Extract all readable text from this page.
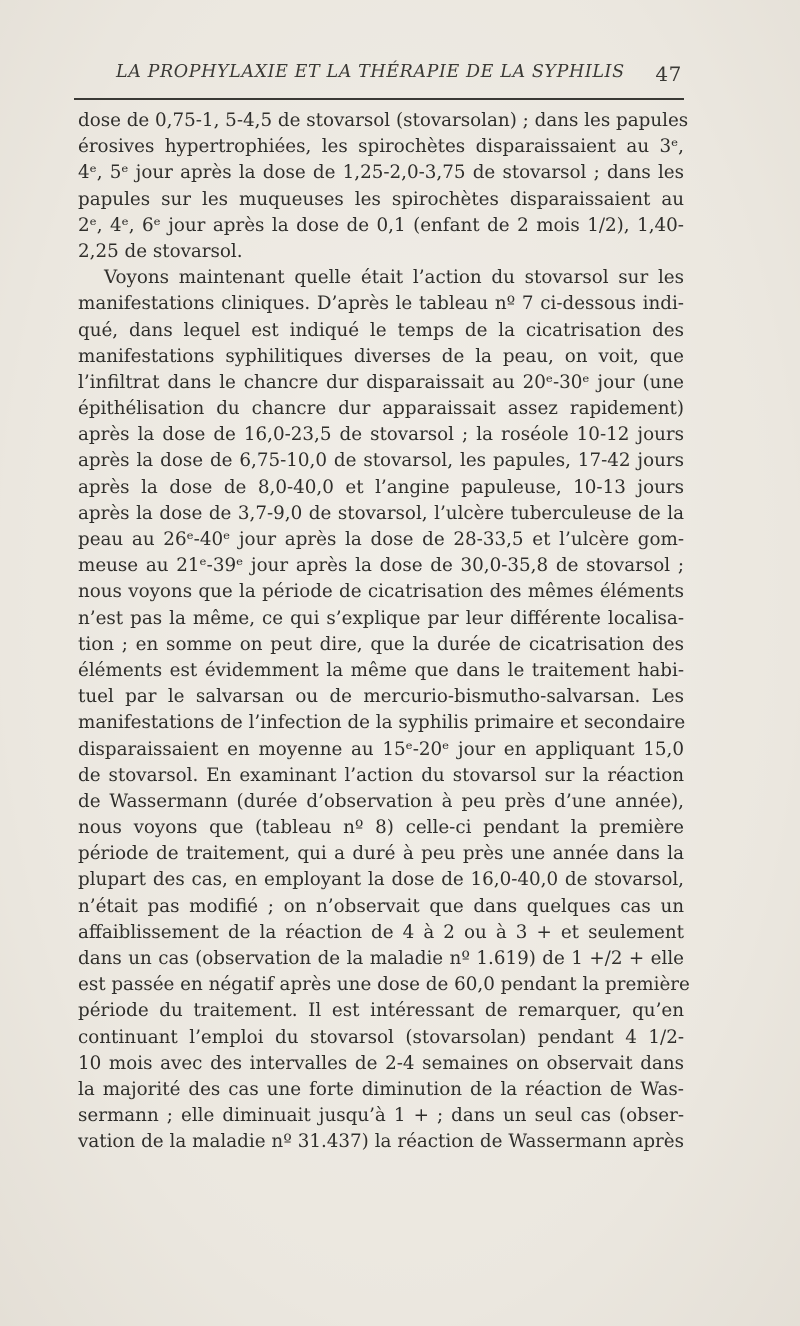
LA PROPHYLAXIE ET LA THÉRAPIE DE LA SYPHILIS 47
dose de 0,75-1, 5-4,5 de stovarsol (stovarsolan) ; dans les papules
érosives hypertrophiées, les spirochètes disparaissaient au 3ᵉ,
4ᵉ, 5ᵉ jour après la dose de 1,25-2,0-3,75 de stovarsol ; dans les
papules sur les muqueuses les spirochètes disparaissaient au
2ᵉ, 4ᵉ, 6ᵉ jour après la dose de 0,1 (enfant de 2 mois 1/2), 1,40-
2,25 de stovarsol.
Voyons maintenant quelle était l’action du stovarsol sur les
manifestations cliniques. D’après le tableau nº 7 ci-dessous indi-
qué, dans lequel est indiqué le temps de la cicatrisation des
manifestations syphilitiques diverses de la peau, on voit, que
l’infiltrat dans le chancre dur disparaissait au 20ᵉ-30ᵉ jour (une
épithélisation du chancre dur apparaissait assez rapidement)
après la dose de 16,0-23,5 de stovarsol ; la roséole 10-12 jours
après la dose de 6,75-10,0 de stovarsol, les papules, 17-42 jours
après la dose de 8,0-40,0 et l’angine papuleuse, 10-13 jours
après la dose de 3,7-9,0 de stovarsol, l’ulcère tuberculeuse de la
peau au 26ᵉ-40ᵉ jour après la dose de 28-33,5 et l’ulcère gom-
meuse au 21ᵉ-39ᵉ jour après la dose de 30,0-35,8 de stovarsol ;
nous voyons que la période de cicatrisation des mêmes éléments
n’est pas la même, ce qui s’explique par leur différente localisa-
tion ; en somme on peut dire, que la durée de cicatrisation des
éléments est évidemment la même que dans le traitement habi-
tuel par le salvarsan ou de mercurio-bismutho-salvarsan. Les
manifestations de l’infection de la syphilis primaire et secondaire
disparaissaient en moyenne au 15ᵉ-20ᵉ jour en appliquant 15,0
de stovarsol. En examinant l’action du stovarsol sur la réaction
de Wassermann (durée d’observation à peu près d’une année),
nous voyons que (tableau nº 8) celle-ci pendant la première
période de traitement, qui a duré à peu près une année dans la
plupart des cas, en employant la dose de 16,0-40,0 de stovarsol,
n’était pas modifié ; on n’observait que dans quelques cas un
affaiblissement de la réaction de 4 à 2 ou à 3 + et seulement
dans un cas (observation de la maladie nº 1.619) de 1 +/2 + elle
est passée en négatif après une dose de 60,0 pendant la première
période du traitement. Il est intéressant de remarquer, qu’en
continuant l’emploi du stovarsol (stovarsolan) pendant 4 1/2-
10 mois avec des intervalles de 2-4 semaines on observait dans
la majorité des cas une forte diminution de la réaction de Was-
sermann ; elle diminuait jusqu’à 1 + ; dans un seul cas (obser-
vation de la maladie nº 31.437) la réaction de Wassermann après
